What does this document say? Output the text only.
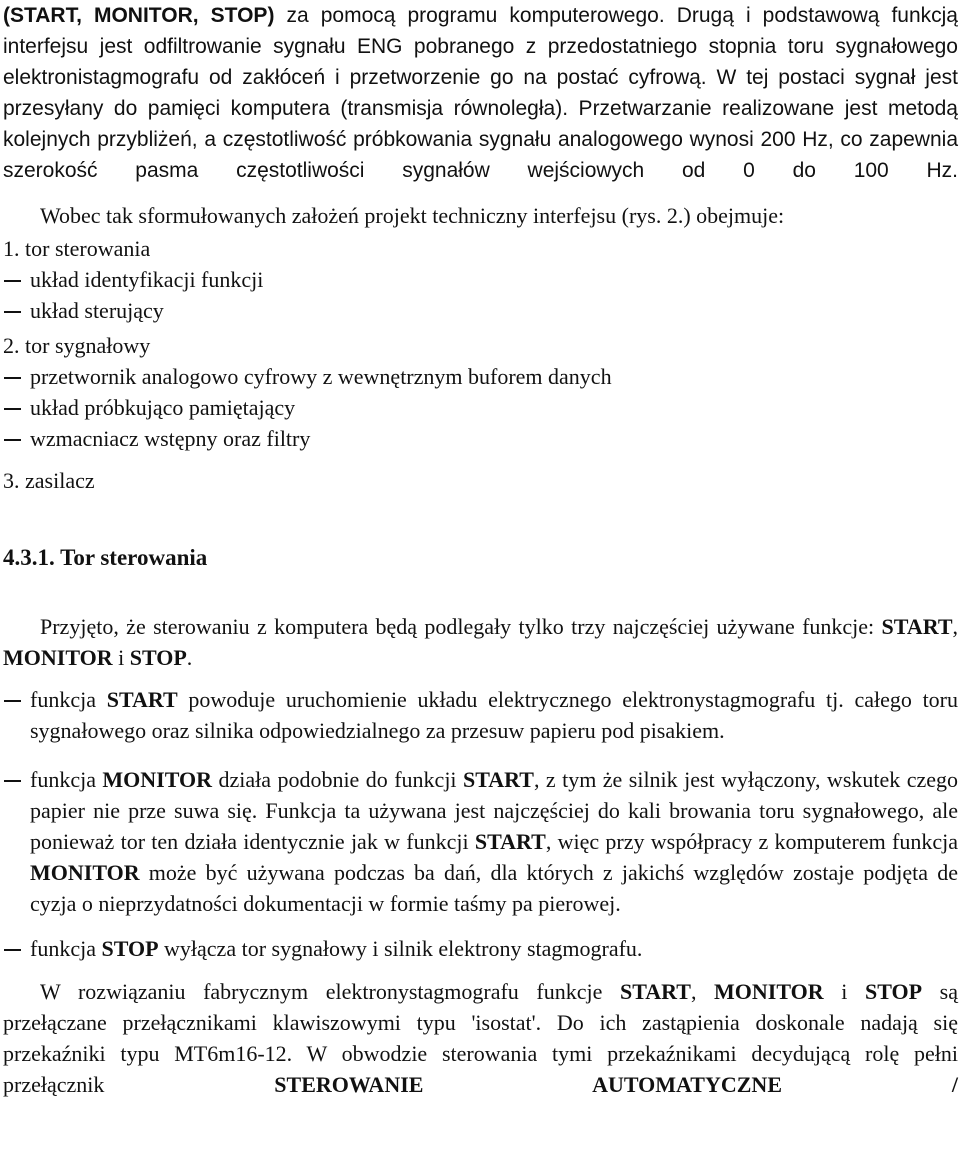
(START, MONITOR, STOP) za pomocą programu komputerowego. Drugą i podstawową funkcją interfejsu jest odfiltrowanie sygnału ENG pobranego z przedostatniego stopnia toru sygnałowego elektronistagmografu od zakłóceń i przetworzenie go na postać cyfrową. W tej postaci sygnał jest przesyłany do pamięci komputera (transmisja równoległa). Przetwarzanie realizowane jest metodą kolejnych przybliżeń, a częstotliwość próbkowania sygnału analogowego wynosi 200 Hz, co zapewnia szerokość pasma częstotliwości sygnałów wejściowych od 0 do 100 Hz.

Wobec tak sformułowanych założeń projekt techniczny interfejsu (rys. 2.) obejmuje:

1. tor sterowania

układ identyfikacji funkcji

układ sterujący

2. tor sygnałowy

przetwornik analogowo cyfrowy z wewnętrznym buforem danych

układ próbkująco pamiętający

wzmacniacz wstępny oraz filtry

3. zasilacz

4.3.1. Tor sterowania

Przyjęto, że sterowaniu z komputera będą podlegały tylko trzy najczęściej używane funkcje: START, MONITOR i STOP.

funkcja START powoduje uruchomienie układu elektrycznego elektronystagmografu tj. całego toru sygnałowego oraz silnika odpowiedzialnego za przesuw papieru pod pisakiem.

funkcja MONITOR działa podobnie do funkcji START, z tym że silnik jest wyłączony, wskutek czego papier nie prze suwa się. Funkcja ta używana jest najczęściej do kali browania toru sygnałowego, ale ponieważ tor ten działa identycznie jak w funkcji START, więc przy współpracy z komputerem funkcja MONITOR może być używana podczas ba dań, dla których z jakichś względów zostaje podjęta de cyzja o nieprzydatności dokumentacji w formie taśmy pa pierowej.

funkcja STOP wyłącza tor sygnałowy i silnik elektrony stagmografu.

W rozwiązaniu fabrycznym elektronystagmografu funkcje START, MONITOR i STOP są przełączane przełącznikami klawiszowymi typu 'isostat'. Do ich zastąpienia doskonale nadają się przekaźniki typu MT6m16-12. W obwodzie sterowania tymi przekaźnikami decydującą rolę pełni przełącznik STEROWANIE AUTOMATYCZNE /
